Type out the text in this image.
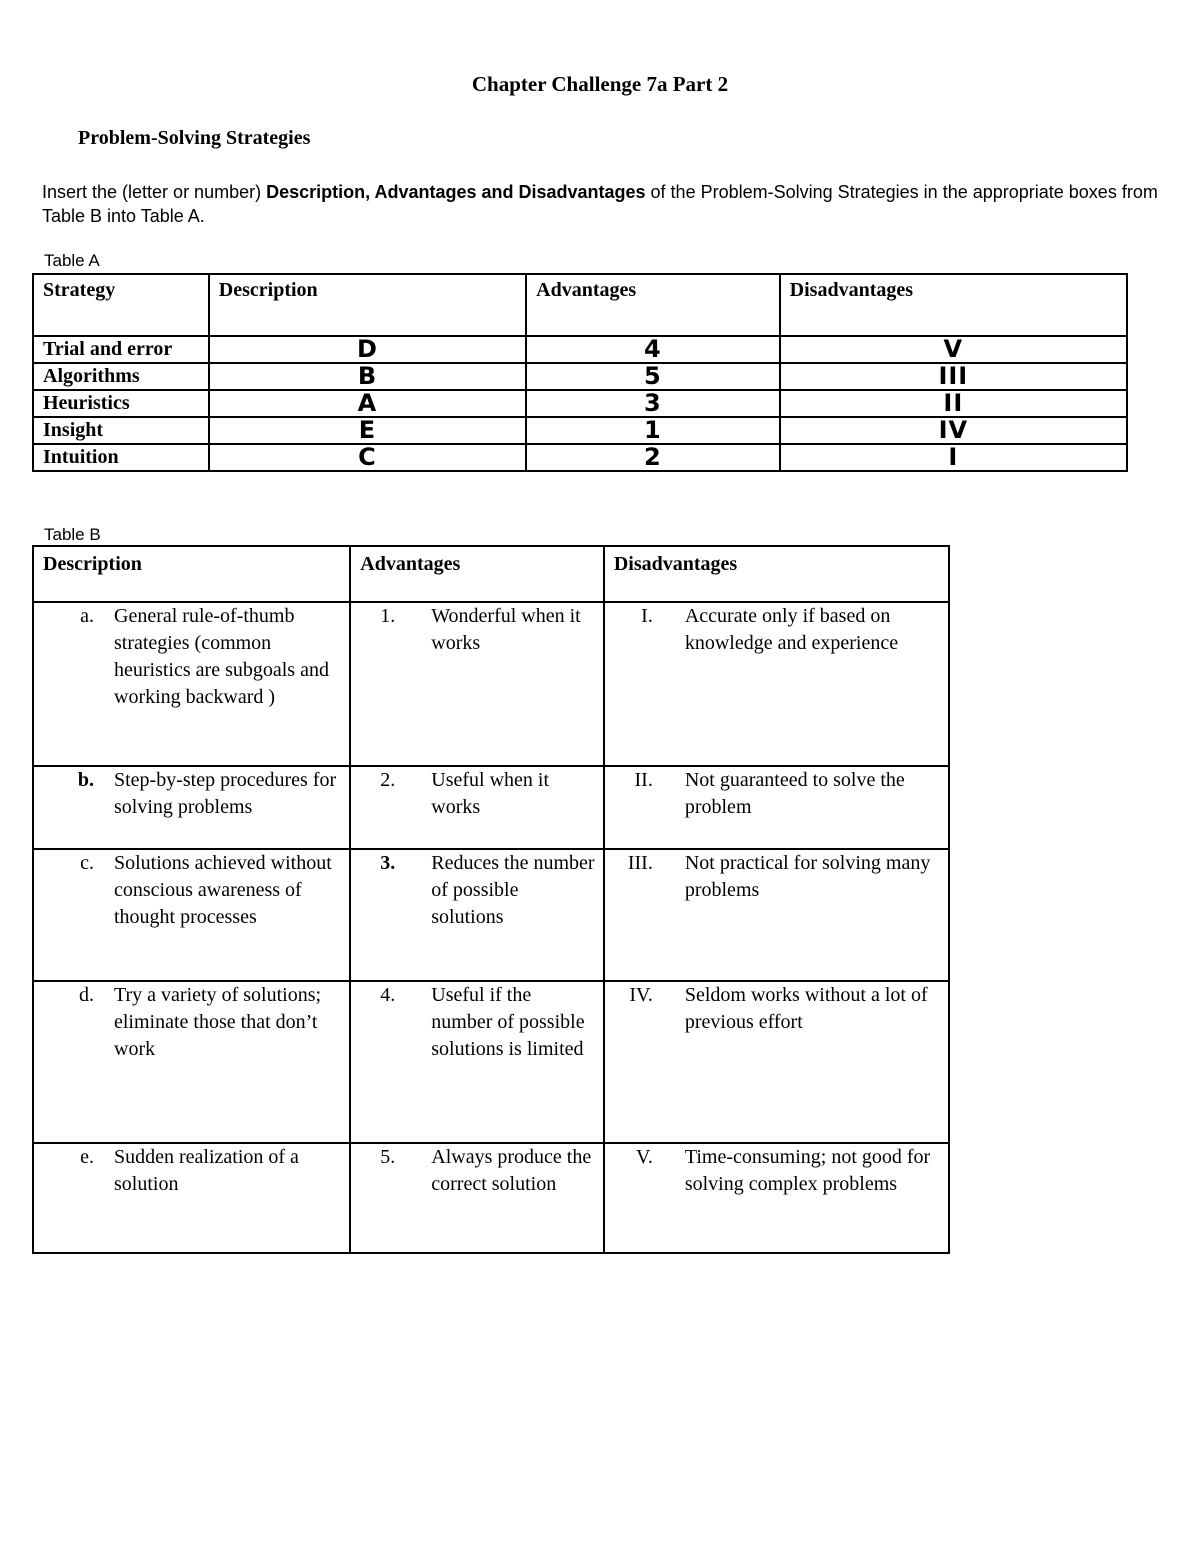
Chapter Challenge 7a Part 2
Problem-Solving Strategies
Insert the (letter or number) Description, Advantages and Disadvantages of the Problem-Solving Strategies in the appropriate boxes from Table B into Table A.
Table A
Strategy	Description	Advantages	Disadvantages
Trial and error	D	4	V
Algorithms	B	5	III
Heuristics	A	3	II
Insight	E	1	IV
Intuition	C	2	I
Table B
Description	Advantages	Disadvantages

a. General rule-of-thumb strategies (common heuristics are subgoals and working backward )	1. Wonderful when it works	I. Accurate only if based on knowledge and experience

b. Step-by-step procedures for solving problems	2. Useful when it works	II. Not guaranteed to solve the problem

c. Solutions achieved without conscious awareness of thought processes	3. Reduces the number of possible solutions	III. Not practical for solving many problems

d. Try a variety of solutions; eliminate those that don’t work	4. Useful if the number of possible solutions is limited	IV. Seldom works without a lot of previous effort

e. Sudden realization of a solution	5. Always produce the correct solution	V. Time-consuming; not good for solving complex problems
